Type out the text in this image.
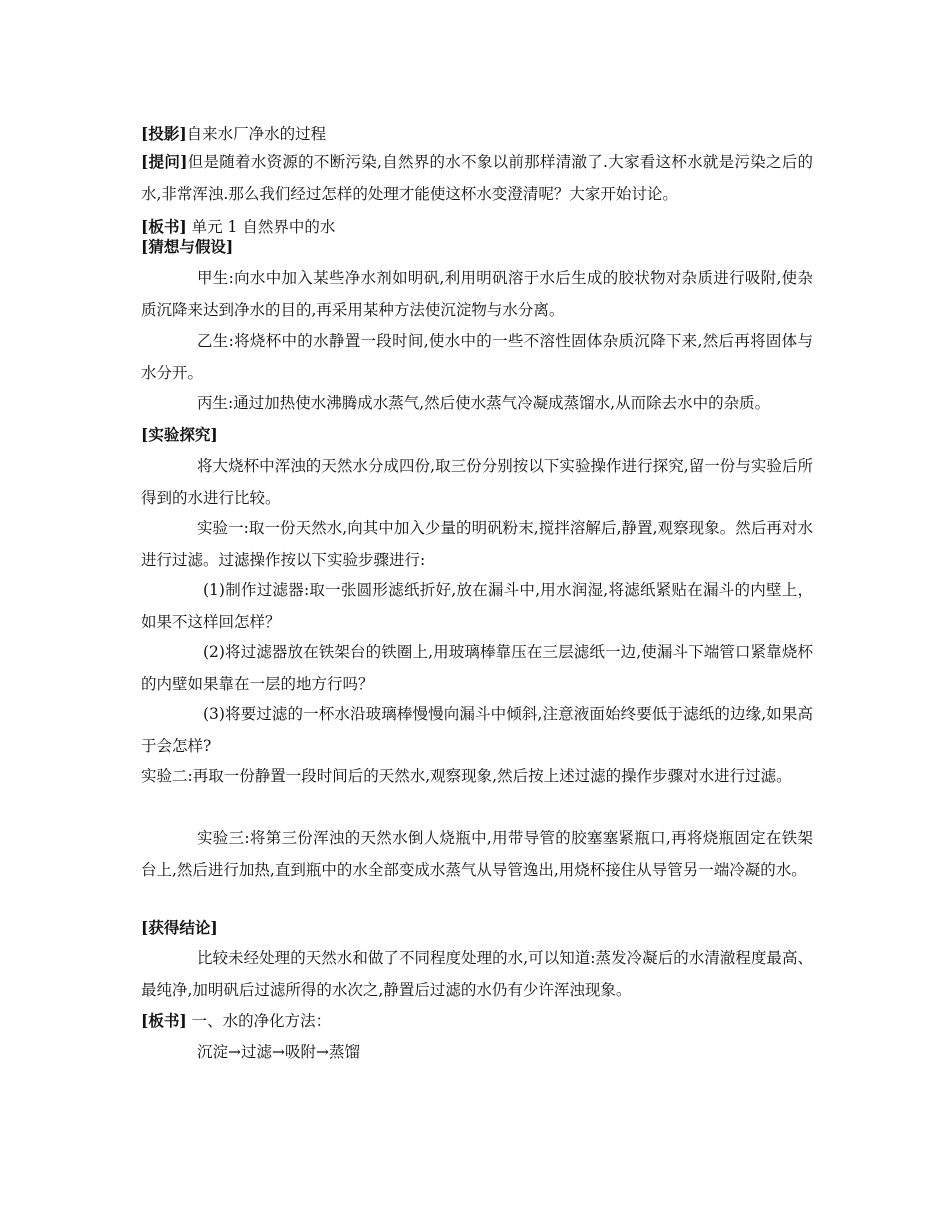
[投影]自来水厂净水的过程

[提问]但是随着水资源的不断污染,自然界的水不象以前那样清澈了.大家看这杯水就是污染之后的水,非常浑浊.那么我们经过怎样的处理才能使这杯水变澄清呢？大家开始讨论。

[板书] 单元 1 自然界中的水

[猜想与假设]

甲生:向水中加入某些净水剂如明矾,利用明矾溶于水后生成的胶状物对杂质进行吸附,使杂质沉降来达到净水的目的,再采用某种方法使沉淀物与水分离。

乙生:将烧杯中的水静置一段时间,使水中的一些不溶性固体杂质沉降下来,然后再将固体与水分开。

丙生:通过加热使水沸腾成水蒸气,然后使水蒸气冷凝成蒸馏水,从而除去水中的杂质。

[实验探究]

将大烧杯中浑浊的天然水分成四份,取三份分别按以下实验操作进行探究,留一份与实验后所得到的水进行比较。

实验一:取一份天然水,向其中加入少量的明矾粉末,搅拌溶解后,静置,观察现象。然后再对水进行过滤。过滤操作按以下实验步骤进行:

(1)制作过滤器:取一张圆形滤纸折好,放在漏斗中,用水润湿,将滤纸紧贴在漏斗的内壁上，如果不这样回怎样？

(2)将过滤器放在铁架台的铁圈上,用玻璃棒靠压在三层滤纸一边,使漏斗下端管口紧靠烧杯的内壁如果靠在一层的地方行吗？

(3)将要过滤的一杯水沿玻璃棒慢慢向漏斗中倾斜,注意液面始终要低于滤纸的边缘,如果高于会怎样?

实验二:再取一份静置一段时间后的天然水,观察现象,然后按上述过滤的操作步骤对水进行过滤。

实验三:将第三份浑浊的天然水倒人烧瓶中,用带导管的胶塞塞紧瓶口,再将烧瓶固定在铁架台上,然后进行加热,直到瓶中的水全部变成水蒸气从导管逸出,用烧杯接住从导管另一端冷凝的水。

[获得结论]

比较未经处理的天然水和做了不同程度处理的水,可以知道:蒸发冷凝后的水清澈程度最高、最纯净,加明矾后过滤所得的水次之,静置后过滤的水仍有少许浑浊现象。

[板书] 一、水的净化方法：

沉淀→过滤→吸附→蒸馏
